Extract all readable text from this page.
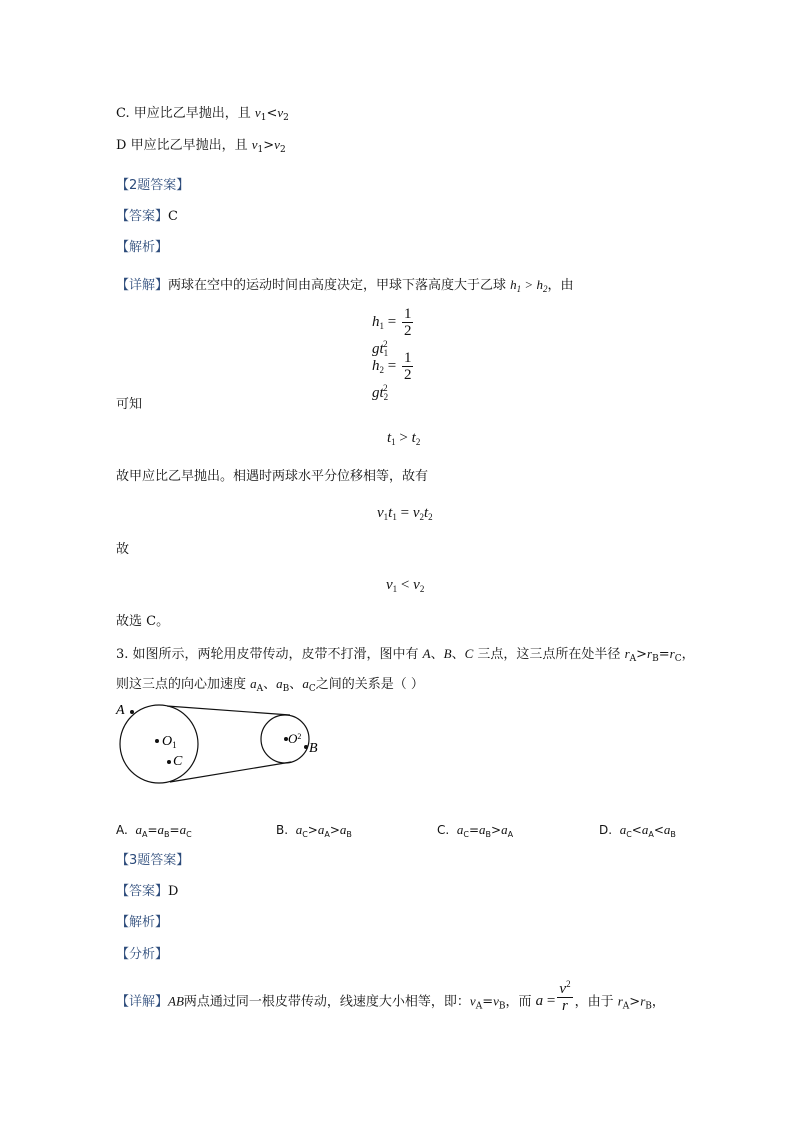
C. 甲应比乙早抛出，且 $v_1<v_2$
D 甲应比乙早抛出，且 $v_1>v_2$
【2题答案】
【答案】C
【解析】
【详解】两球在空中的运动时间由高度决定，甲球下落高度大于乙球 $h_1 > h_2$，由
$h_1 = \frac{1}{2}$
$gt_1^2$
$h_2 = \frac{1}{2}$
$gt_2^2$
可知
$t_1 > t_2$
故甲应比乙早抛出。相遇时两球水平分位移相等，故有
$v_1t_1 = v_2t_2$
故
$v_1 < v_2$
故选 C。
3. 如图所示，两轮用皮带传动，皮带不打滑，图中有 A、B、C 三点，这三点所在处半径 $r_A>r_B=r_C$，
则这三点的向心加速度 $a_A$、$a_B$、$a_C$之间的关系是（ ）
A
$O_1$
C
$O^2$
B
A. $a_A=a_B=a_C$	B. $a_C>a_A>a_B$	C. $a_C=a_B>a_A$	D. $a_C<a_A<a_B$
【3题答案】
【答案】D
【解析】
【分析】
【详解】AB两点通过同一根皮带传动，线速度大小相等，即：$v_A=v_B$，而 $a = \frac{v^2}{r}$ ，由于 $r_A>r_B$，
